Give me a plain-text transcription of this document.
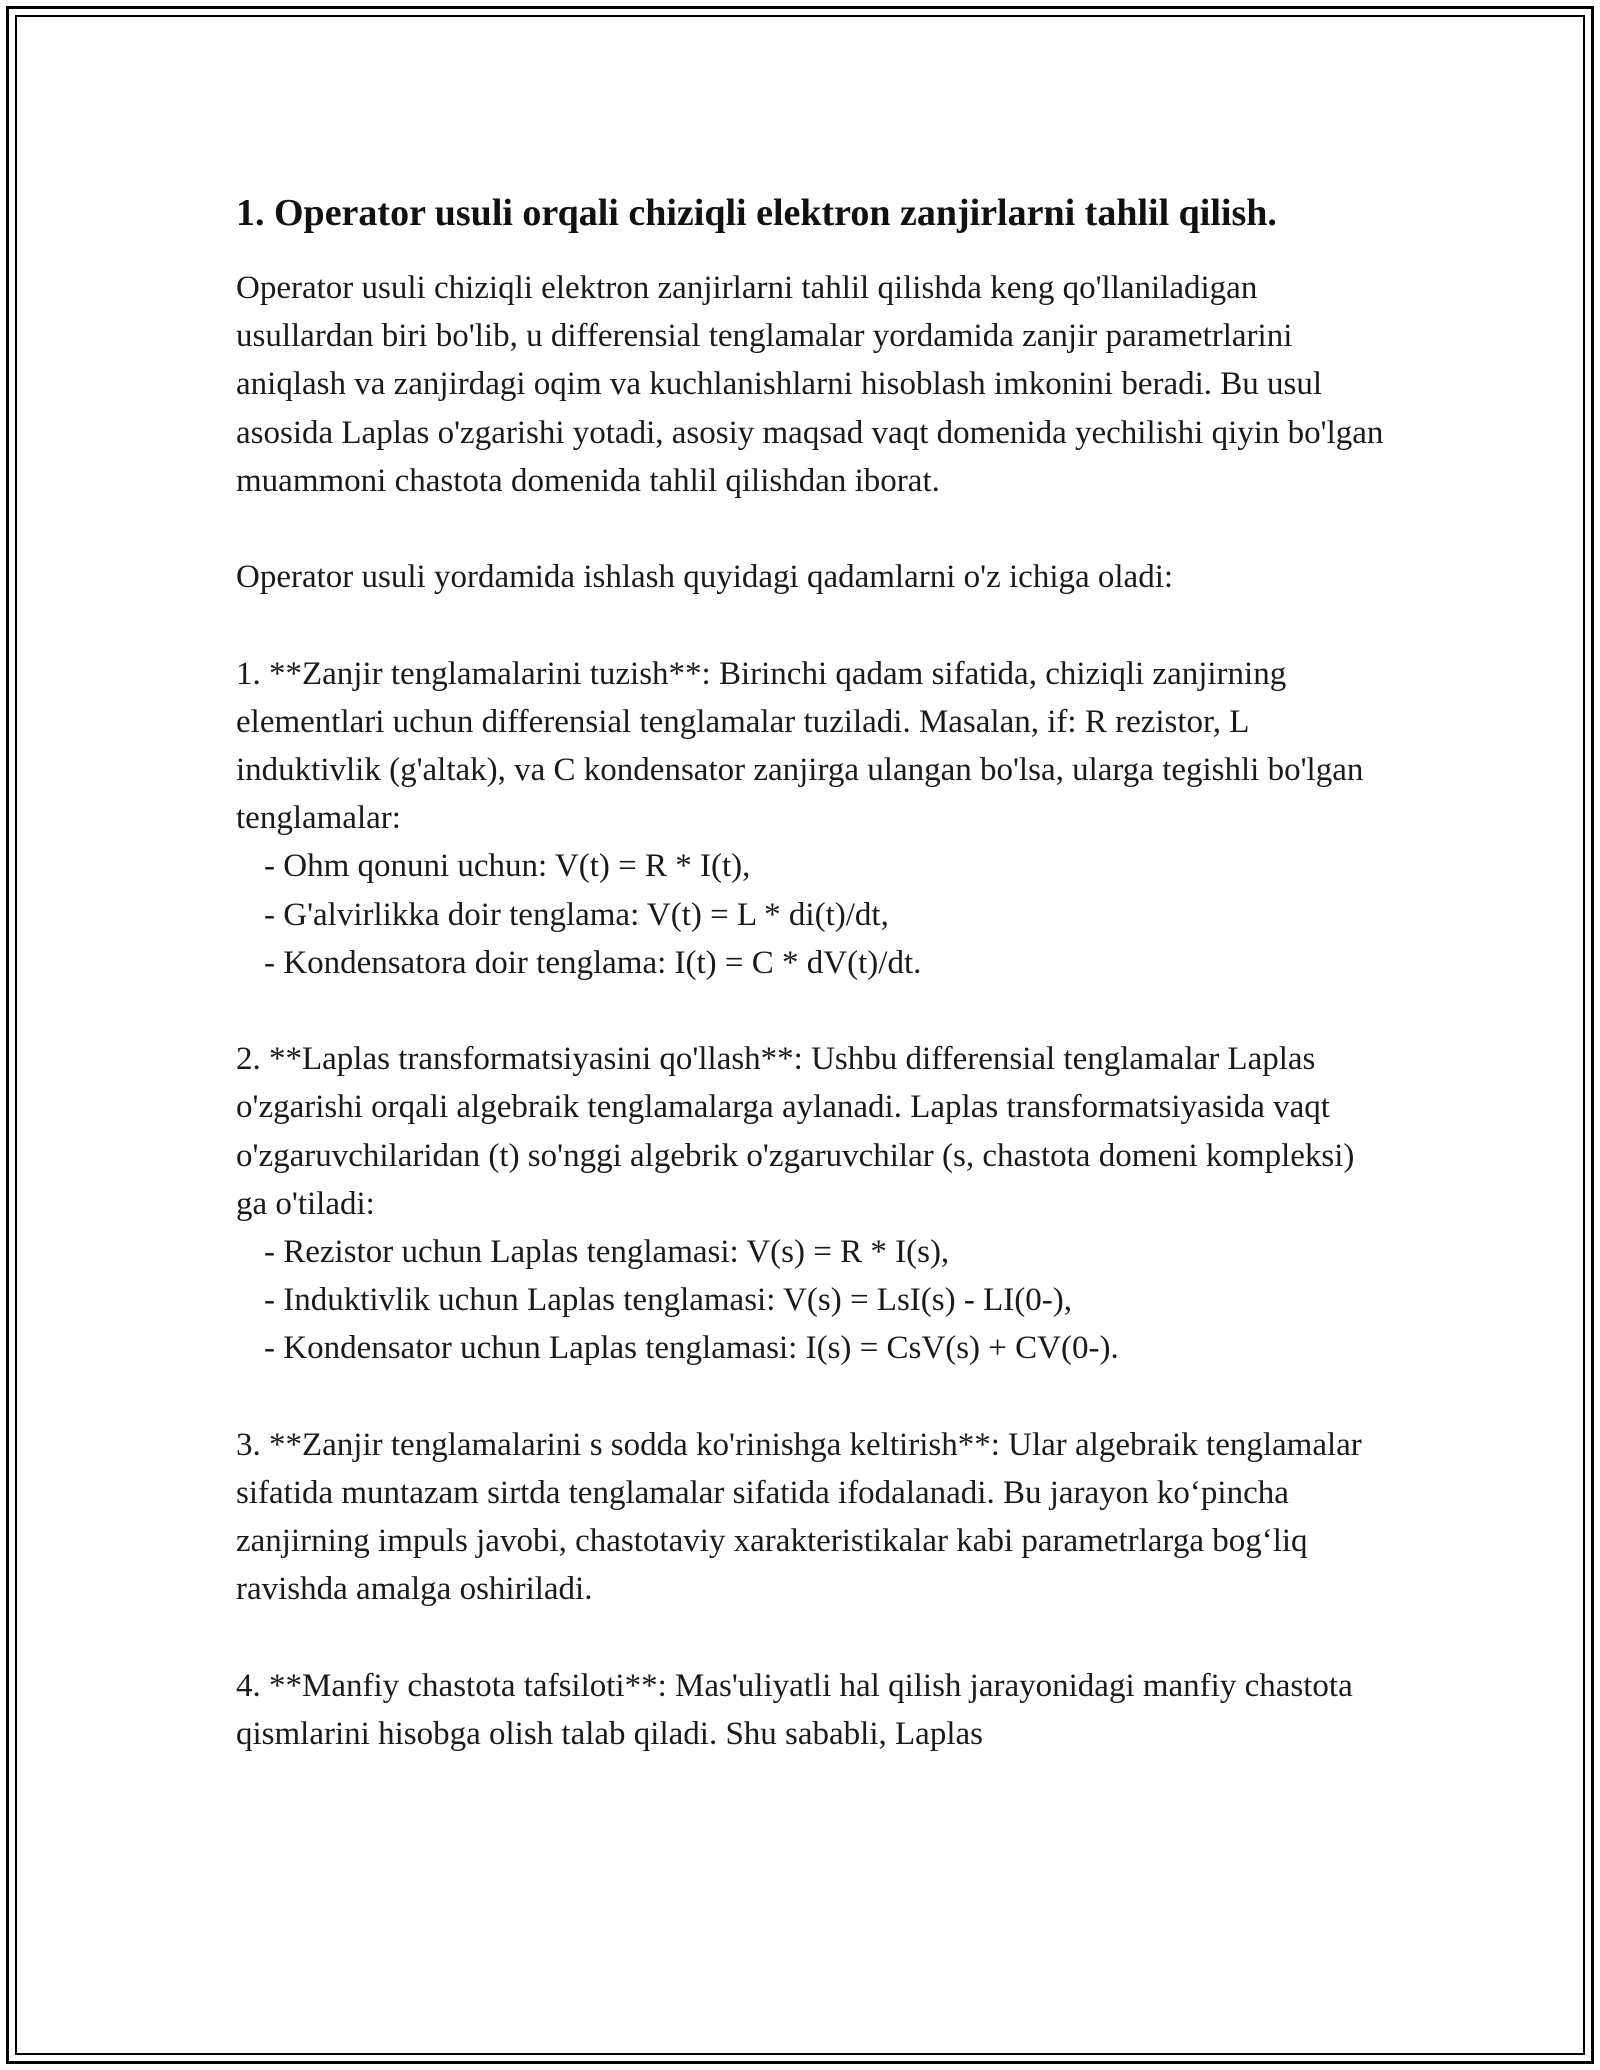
1. Operator usuli orqali chiziqli elektron zanjirlarni tahlil qilish.

Operator usuli chiziqli elektron zanjirlarni tahlil qilishda keng qo'llaniladigan usullardan biri bo'lib, u differensial tenglamalar yordamida zanjir parametrlarini aniqlash va zanjirdagi oqim va kuchlanishlarni hisoblash imkonini beradi. Bu usul asosida Laplas o'zgarishi yotadi, asosiy maqsad vaqt domenida yechilishi qiyin bo'lgan muammoni chastota domenida tahlil qilishdan iborat.

Operator usuli yordamida ishlash quyidagi qadamlarni o'z ichiga oladi:

1. **Zanjir tenglamalarini tuzish**: Birinchi qadam sifatida, chiziqli zanjirning elementlari uchun differensial tenglamalar tuziladi. Masalan, if: R rezistor, L induktivlik (g'altak), va C kondensator zanjirga ulangan bo'lsa, ularga tegishli bo'lgan tenglamalar:
- Ohm qonuni uchun: V(t) = R * I(t),
- G'alvirlikka doir tenglama: V(t) = L * di(t)/dt,
- Kondensatora doir tenglama: I(t) = C * dV(t)/dt.

2. **Laplas transformatsiyasini qo'llash**: Ushbu differensial tenglamalar Laplas o'zgarishi orqali algebraik tenglamalarga aylanadi. Laplas transformatsiyasida vaqt o'zgaruvchilaridan (t) so'nggi algebrik o'zgaruvchilar (s, chastota domeni kompleksi) ga o'tiladi:
- Rezistor uchun Laplas tenglamasi: V(s) = R * I(s),
- Induktivlik uchun Laplas tenglamasi: V(s) = LsI(s) - LI(0-),
- Kondensator uchun Laplas tenglamasi: I(s) = CsV(s) + CV(0-).

3. **Zanjir tenglamalarini s sodda ko'rinishga keltirish**: Ular algebraik tenglamalar sifatida muntazam sirtda tenglamalar sifatida ifodalanadi. Bu jarayon ko‘pincha zanjirning impuls javobi, chastotaviy xarakteristikalar kabi parametrlarga bog‘liq ravishda amalga oshiriladi.

4. **Manfiy chastota tafsiloti**: Mas'uliyatli hal qilish jarayonidagi manfiy chastota qismlarini hisobga olish talab qiladi. Shu sababli, Laplas
